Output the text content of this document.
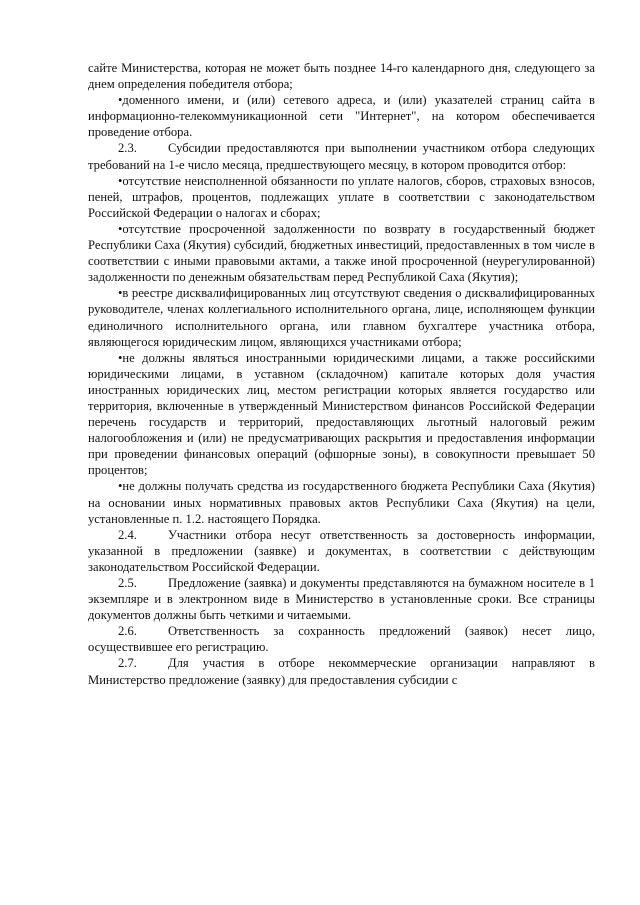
сайте Министерства, которая не может быть позднее 14-го календарного дня, следующего за днем определения победителя отбора;

•доменного имени, и (или) сетевого адреса, и (или) указателей страниц сайта в информационно-телекоммуникационной сети "Интернет", на котором обеспечивается проведение отбора.

2.3. Субсидии предоставляются при выполнении участником отбора следующих требований на 1-е число месяца, предшествующего месяцу, в котором проводится отбор:

•отсутствие неисполненной обязанности по уплате налогов, сборов, страховых взносов, пеней, штрафов, процентов, подлежащих уплате в соответствии с законодательством Российской Федерации о налогах и сборах;

•отсутствие просроченной задолженности по возврату в государственный бюджет Республики Саха (Якутия) субсидий, бюджетных инвестиций, предоставленных в том числе в соответствии с иными правовыми актами, а также иной просроченной (неурегулированной) задолженности по денежным обязательствам перед Республикой Саха (Якутия);

•в реестре дисквалифицированных лиц отсутствуют сведения о дисквалифицированных руководителе, членах коллегиального исполнительного органа, лице, исполняющем функции единоличного исполнительного органа, или главном бухгалтере участника отбора, являющегося юридическим лицом, являющихся участниками отбора;

•не должны являться иностранными юридическими лицами, а также российскими юридическими лицами, в уставном (складочном) капитале которых доля участия иностранных юридических лиц, местом регистрации которых является государство или территория, включенные в утвержденный Министерством финансов Российской Федерации перечень государств и территорий, предоставляющих льготный налоговый режим налогообложения и (или) не предусматривающих раскрытия и предоставления информации при проведении финансовых операций (офшорные зоны), в совокупности превышает 50 процентов;

•не должны получать средства из государственного бюджета Республики Саха (Якутия) на основании иных нормативных правовых актов Республики Саха (Якутия) на цели, установленные п. 1.2. настоящего Порядка.

2.4. Участники отбора несут ответственность за достоверность информации, указанной в предложении (заявке) и документах, в соответствии с действующим законодательством Российской Федерации.

2.5. Предложение (заявка) и документы представляются на бумажном носителе в 1 экземпляре и в электронном виде в Министерство в установленные сроки. Все страницы документов должны быть четкими и читаемыми.

2.6. Ответственность за сохранность предложений (заявок) несет лицо, осуществившее его регистрацию.

2.7. Для участия в отборе некоммерческие организации направляют в Министерство предложение (заявку) для предоставления субсидии с
